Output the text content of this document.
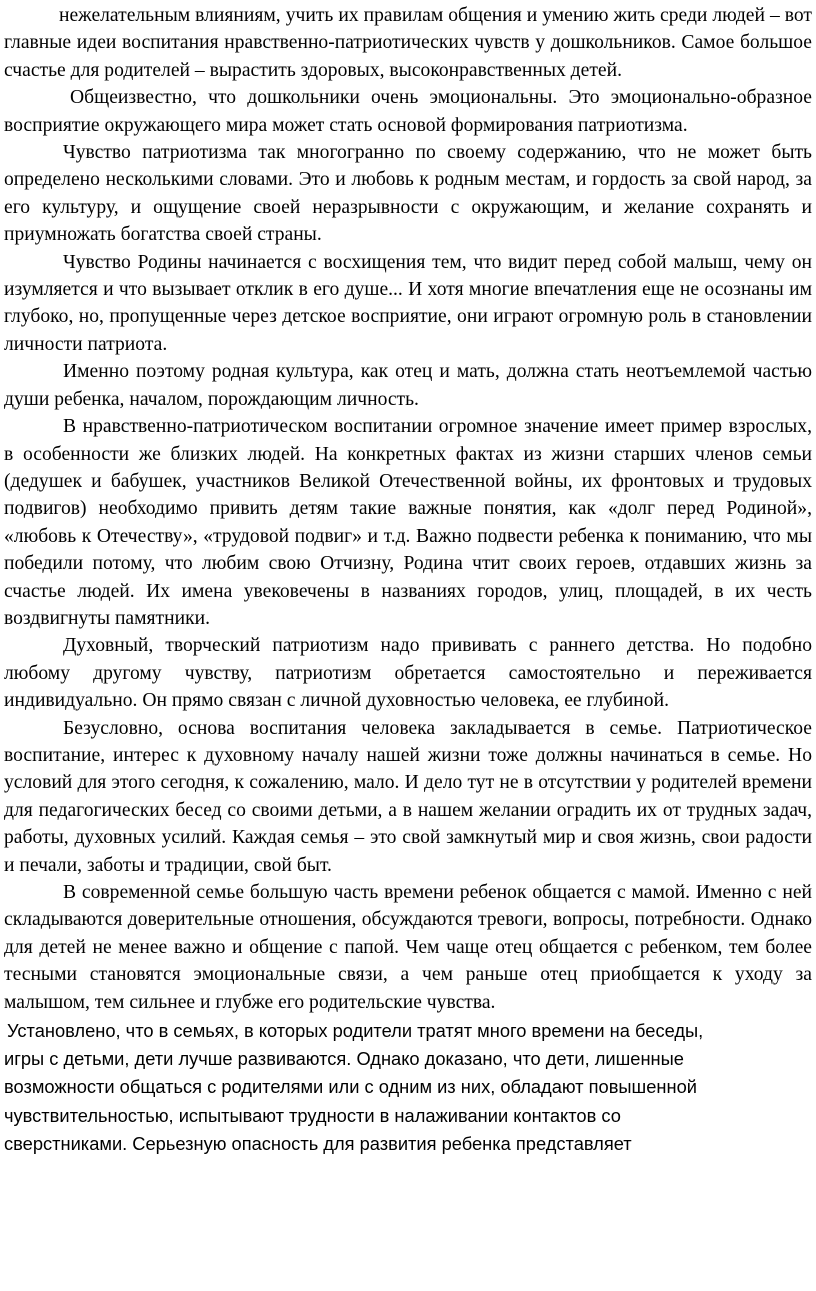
нежелательным влияниям, учить их правилам общения и умению жить среди людей – вот главные идеи воспитания нравственно-патриотических чувств у дошкольников. Самое большое счастье для родителей – вырастить здоровых, высоконравственных детей.

Общеизвестно, что дошкольники очень эмоциональны. Это эмоционально-образное восприятие окружающего мира может стать основой формирования патриотизма.

Чувство патриотизма так многогранно по своему содержанию, что не может быть определено несколькими словами. Это и любовь к родным местам, и гордость за свой народ, за его культуру, и ощущение своей неразрывности с окружающим, и желание сохранять и приумножать богатства своей страны.

Чувство Родины начинается с восхищения тем, что видит перед собой малыш, чему он изумляется и что вызывает отклик в его душе... И хотя многие впечатления еще не осознаны им глубоко, но, пропущенные через детское восприятие, они играют огромную роль в становлении личности патриота.

Именно поэтому родная культура, как отец и мать, должна стать неотъемлемой частью души ребенка, началом, порождающим личность.

В нравственно-патриотическом воспитании огромное значение имеет пример взрослых, в особенности же близких людей. На конкретных фактах из жизни старших членов семьи (дедушек и бабушек, участников Великой Отечественной войны, их фронтовых и трудовых подвигов) необходимо привить детям такие важные понятия, как «долг перед Родиной», «любовь к Отечеству», «трудовой подвиг» и т.д. Важно подвести ребенка к пониманию, что мы победили потому, что любим свою Отчизну, Родина чтит своих героев, отдавших жизнь за счастье людей. Их имена увековечены в названиях городов, улиц, площадей, в их честь воздвигнуты памятники.

Духовный, творческий патриотизм надо прививать с раннего детства. Но подобно любому другому чувству, патриотизм обретается самостоятельно и переживается индивидуально. Он прямо связан с личной духовностью человека, ее глубиной.

Безусловно, основа воспитания человека закладывается в семье. Патриотическое воспитание, интерес к духовному началу нашей жизни тоже должны начинаться в семье. Но условий для этого сегодня, к сожалению, мало. И дело тут не в отсутствии у родителей времени для педагогических бесед со своими детьми, а в нашем желании оградить их от трудных задач, работы, духовных усилий. Каждая семья – это свой замкнутый мир и своя жизнь, свои радости и печали, заботы и традиции, свой быт.

В современной семье большую часть времени ребенок общается с мамой. Именно с ней складываются доверительные отношения, обсуждаются тревоги, вопросы, потребности. Однако для детей не менее важно и общение с папой. Чем чаще отец общается с ребенком, тем более тесными становятся эмоциональные связи, а чем раньше отец приобщается к уходу за малышом, тем сильнее и глубже его родительские чувства.

Установлено, что в семьях, в которых родители тратят много времени на беседы,
игры с детьми, дети лучше развиваются. Однако доказано, что дети, лишенные
возможности общаться с родителями или с одним из них, обладают повышенной
чувствительностью, испытывают трудности в налаживании контактов со
сверстниками. Серьезную опасность для развития ребенка представляет
